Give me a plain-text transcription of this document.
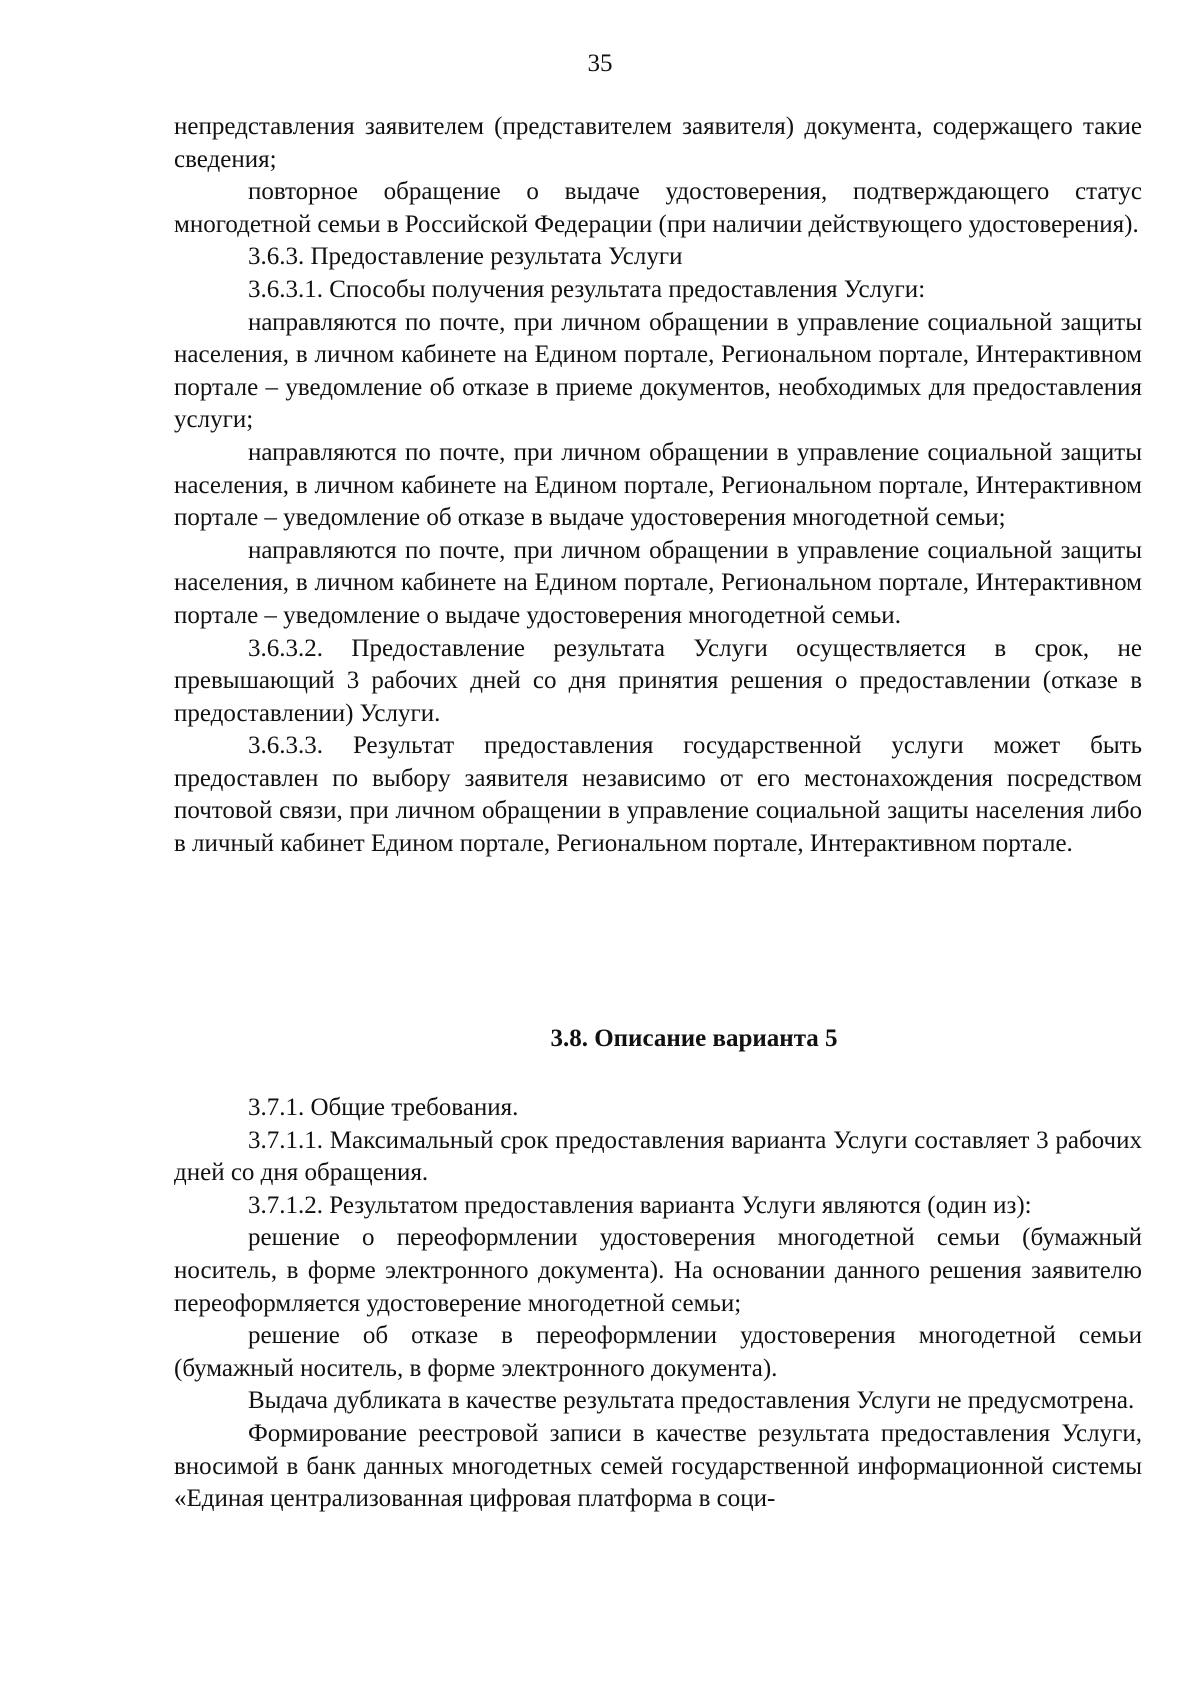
35

непредставления заявителем (представителем заявителя) документа, содержащего такие сведения;

повторное обращение о выдаче удостоверения, подтверждающего статус многодетной семьи в Российской Федерации (при наличии действующего удостоверения).

3.6.3. Предоставление результата Услуги

3.6.3.1. Способы получения результата предоставления Услуги:

направляются по почте, при личном обращении в управление социальной защиты населения, в личном кабинете на Едином портале, Региональном портале, Интерактивном портале – уведомление об отказе в приеме документов, необходимых для предоставления услуги;

направляются по почте, при личном обращении в управление социальной защиты населения, в личном кабинете на Едином портале, Региональном портале, Интерактивном портале – уведомление об отказе в выдаче удостоверения многодетной семьи;

направляются по почте, при личном обращении в управление социальной защиты населения, в личном кабинете на Едином портале, Региональном портале, Интерактивном портале – уведомление о выдаче удостоверения многодетной семьи.

3.6.3.2. Предоставление результата Услуги осуществляется в срок, не превышающий 3 рабочих дней со дня принятия решения о предоставлении (отказе в предоставлении) Услуги.

3.6.3.3. Результат предоставления государственной услуги может быть предоставлен по выбору заявителя независимо от его местонахождения посредством почтовой связи, при личном обращении в управление социальной защиты населения либо в личный кабинет Едином портале, Региональном портале, Интерактивном портале.

3.8. Описание варианта 5

3.7.1. Общие требования.

3.7.1.1. Максимальный срок предоставления варианта Услуги составляет 3 рабочих дней со дня обращения.

3.7.1.2. Результатом предоставления варианта Услуги являются (один из):

решение о переоформлении удостоверения многодетной семьи (бумажный носитель, в форме электронного документа). На основании данного решения заявителю переоформляется удостоверение многодетной семьи;

решение об отказе в переоформлении удостоверения многодетной семьи (бумажный носитель, в форме электронного документа).

Выдача дубликата в качестве результата предоставления Услуги не предусмотрена.

Формирование реестровой записи в качестве результата предоставления Услуги, вносимой в банк данных многодетных семей государственной информационной системы «Единая централизованная цифровая платформа в соци-
